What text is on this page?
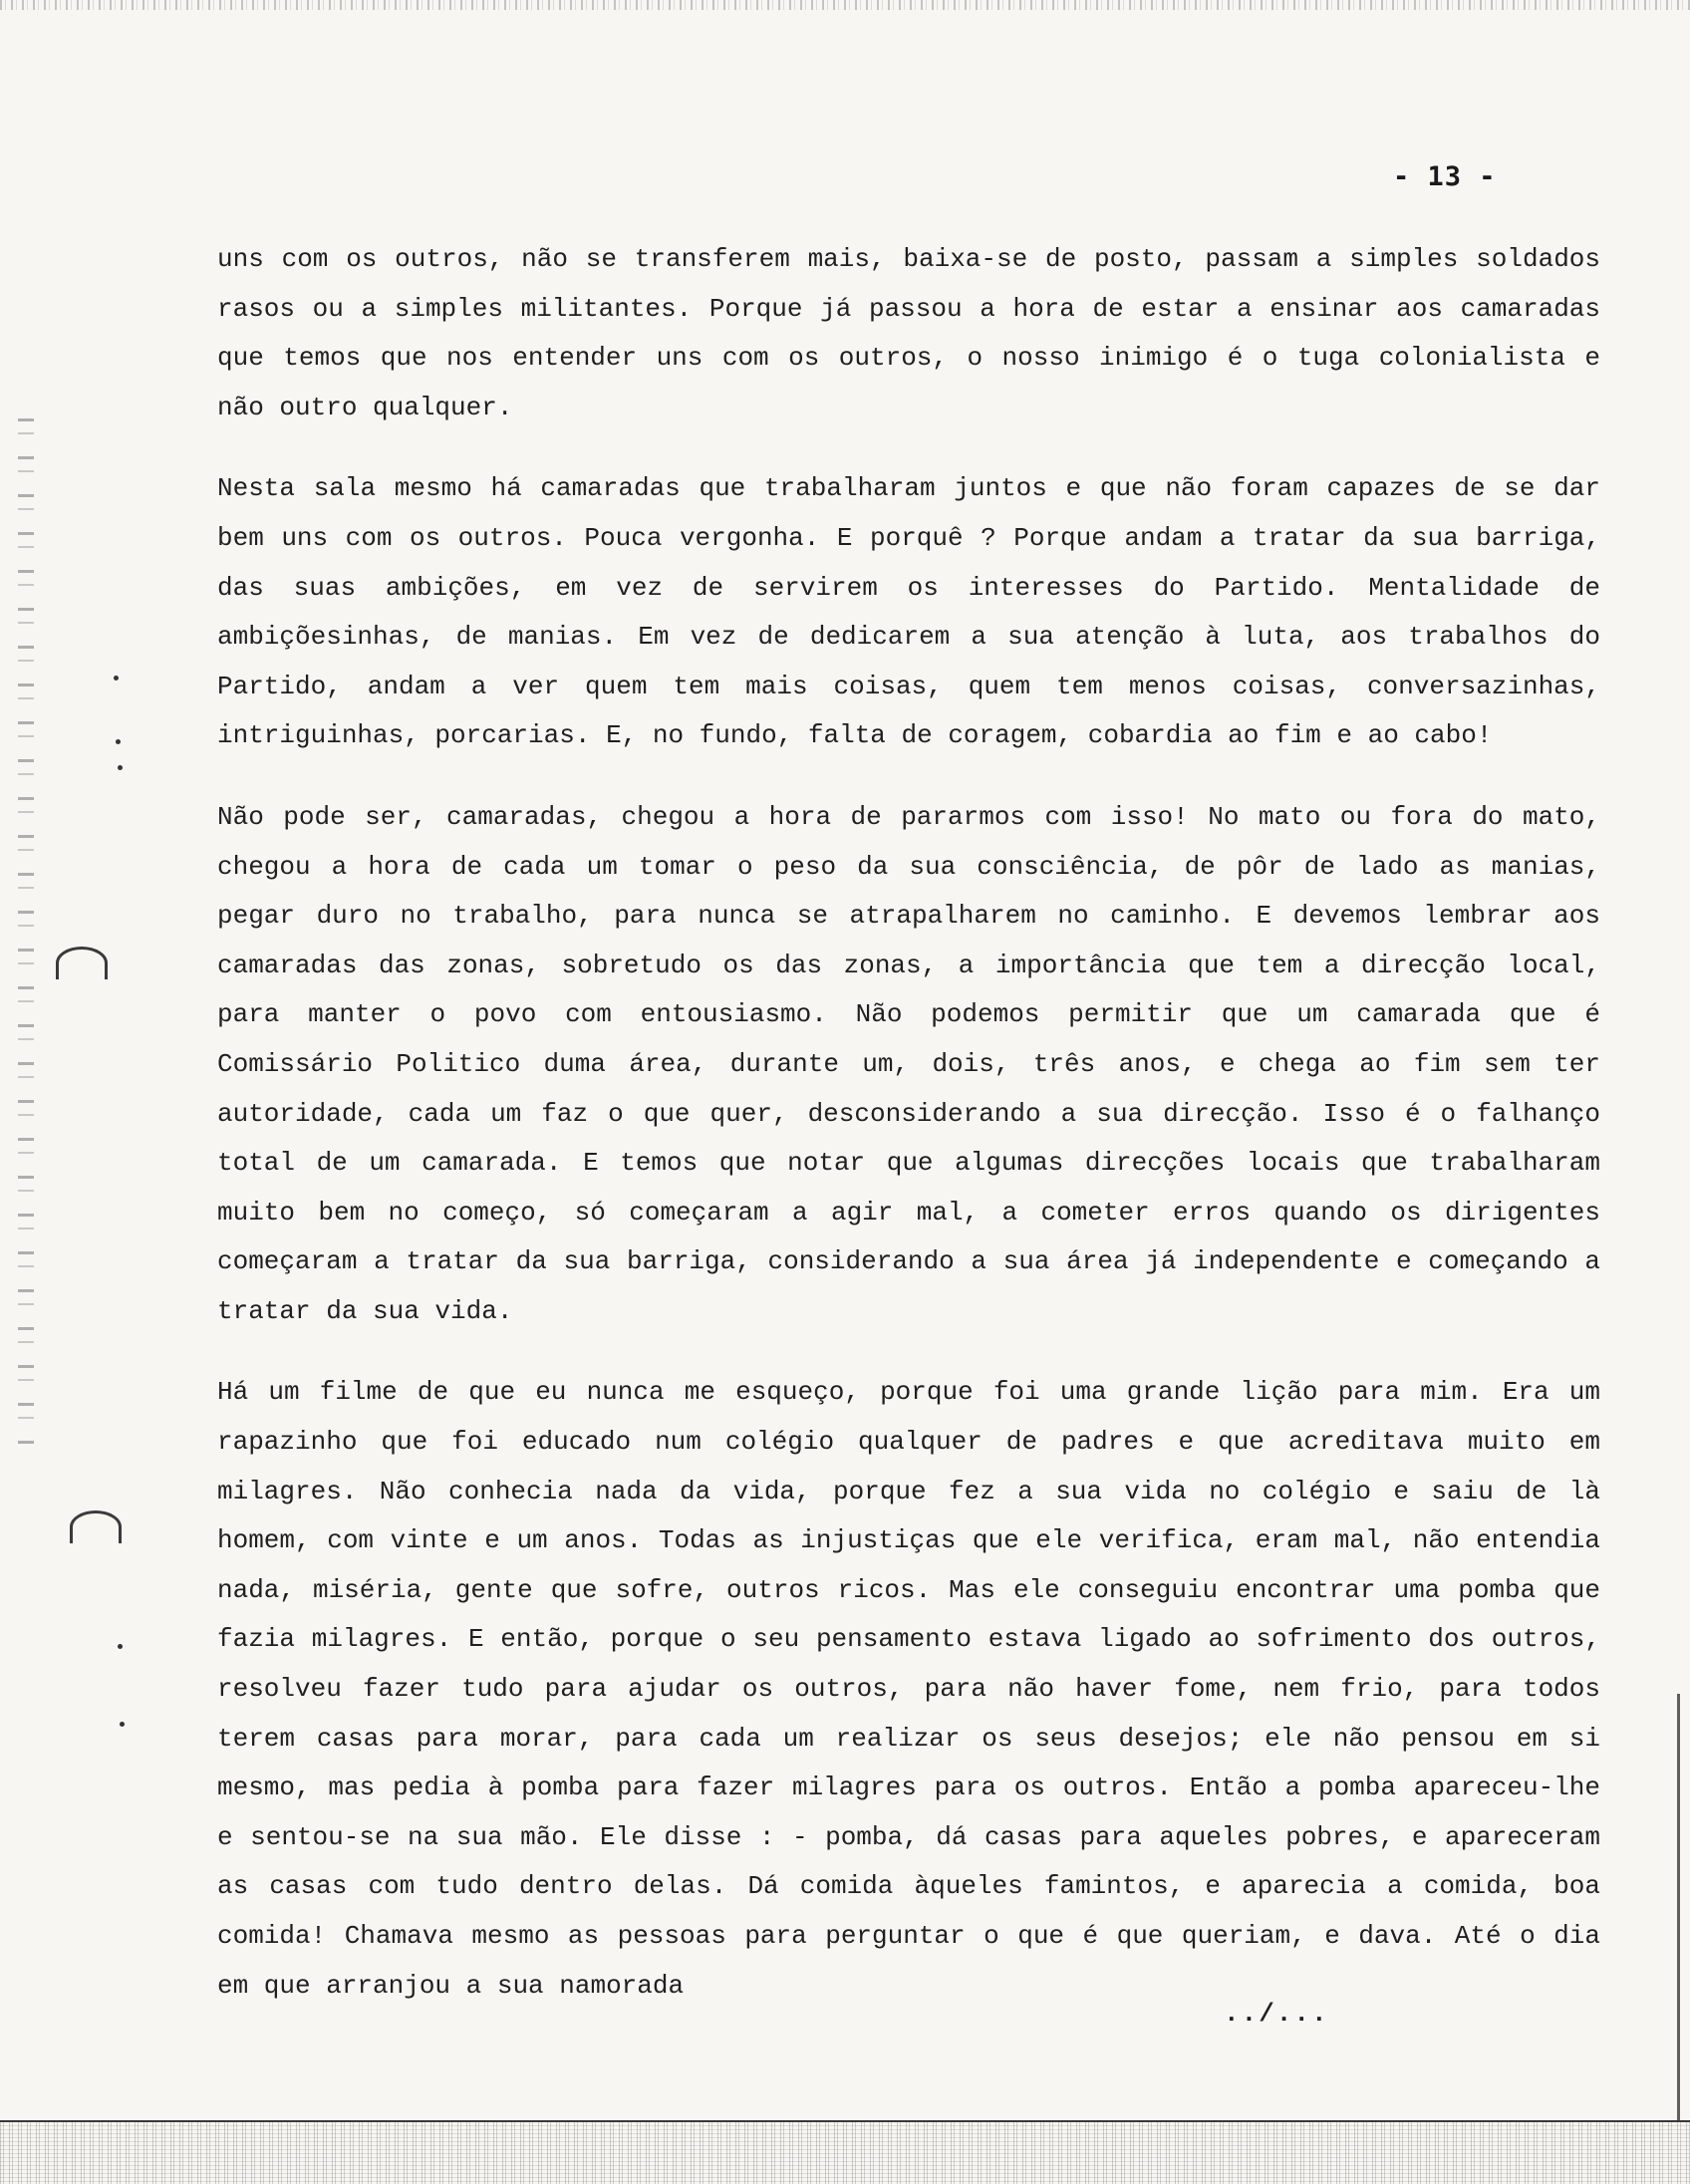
- 13 -

uns com os outros, não se transferem mais, baixa-se de posto, passam a simples soldados rasos ou a simples militantes. Porque já passou a hora de estar a ensinar aos camaradas que temos que nos entender uns com os outros, o nosso inimigo é o tuga colonialista e não outro qualquer.

Nesta sala mesmo há camaradas que trabalharam juntos e que não foram capazes de se dar bem uns com os outros. Pouca vergonha. E porquê ? Porque andam a tratar da sua barriga, das suas ambições, em vez de servirem os interesses do Partido. Mentalidade de ambiçõesinhas, de manias. Em vez de dedicarem a sua atenção à luta, aos trabalhos do Partido, andam a ver quem tem mais coisas, quem tem menos coisas, conversazinhas, intriguinhas, porcarias. E, no fundo, falta de coragem, cobardia ao fim e ao cabo!

Não pode ser, camaradas, chegou a hora de pararmos com isso! No mato ou fora do mato, chegou a hora de cada um tomar o peso da sua consciência, de pôr de lado as manias, pegar duro no trabalho, para nunca se atrapalharem no caminho. E devemos lembrar aos camaradas das zonas, sobretudo os das zonas, a importância que tem a direcção local, para manter o povo com entousiasmo. Não podemos permitir que um camarada que é Comissário Politico duma área, durante um, dois, três anos, e chega ao fim sem ter autoridade, cada um faz o que quer, desconsiderando a sua direcção. Isso é o falhanço total de um camarada. E temos que notar que algumas direcções locais que trabalharam muito bem no começo, só começaram a agir mal, a cometer erros quando os dirigentes começaram a tratar da sua barriga, considerando a sua área já independente e começando a tratar da sua vida.

Há um filme de que eu nunca me esqueço, porque foi uma grande lição para mim. Era um rapazinho que foi educado num colégio qualquer de padres e que acreditava muito em milagres. Não conhecia nada da vida, porque fez a sua vida no colégio e saiu de là homem, com vinte e um anos. Todas as injustiças que ele verifica, eram mal, não entendia nada, miséria, gente que sofre, outros ricos. Mas ele conseguiu encontrar uma pomba que fazia milagres. E então, porque o seu pensamento estava ligado ao sofrimento dos outros, resolveu fazer tudo para ajudar os outros, para não haver fome, nem frio, para todos terem casas para morar, para cada um realizar os seus desejos; ele não pensou em si mesmo, mas pedia à pomba para fazer milagres para os outros. Então a pomba apareceu-lhe e sentou-se na sua mão. Ele disse : - pomba, dá casas para aqueles pobres, e apareceram as casas com tudo dentro delas. Dá comida àqueles famintos, e aparecia a comida, boa comida! Chamava mesmo as pessoas para perguntar o que é que queriam, e dava. Até o dia em que arranjou a sua namorada

../...
